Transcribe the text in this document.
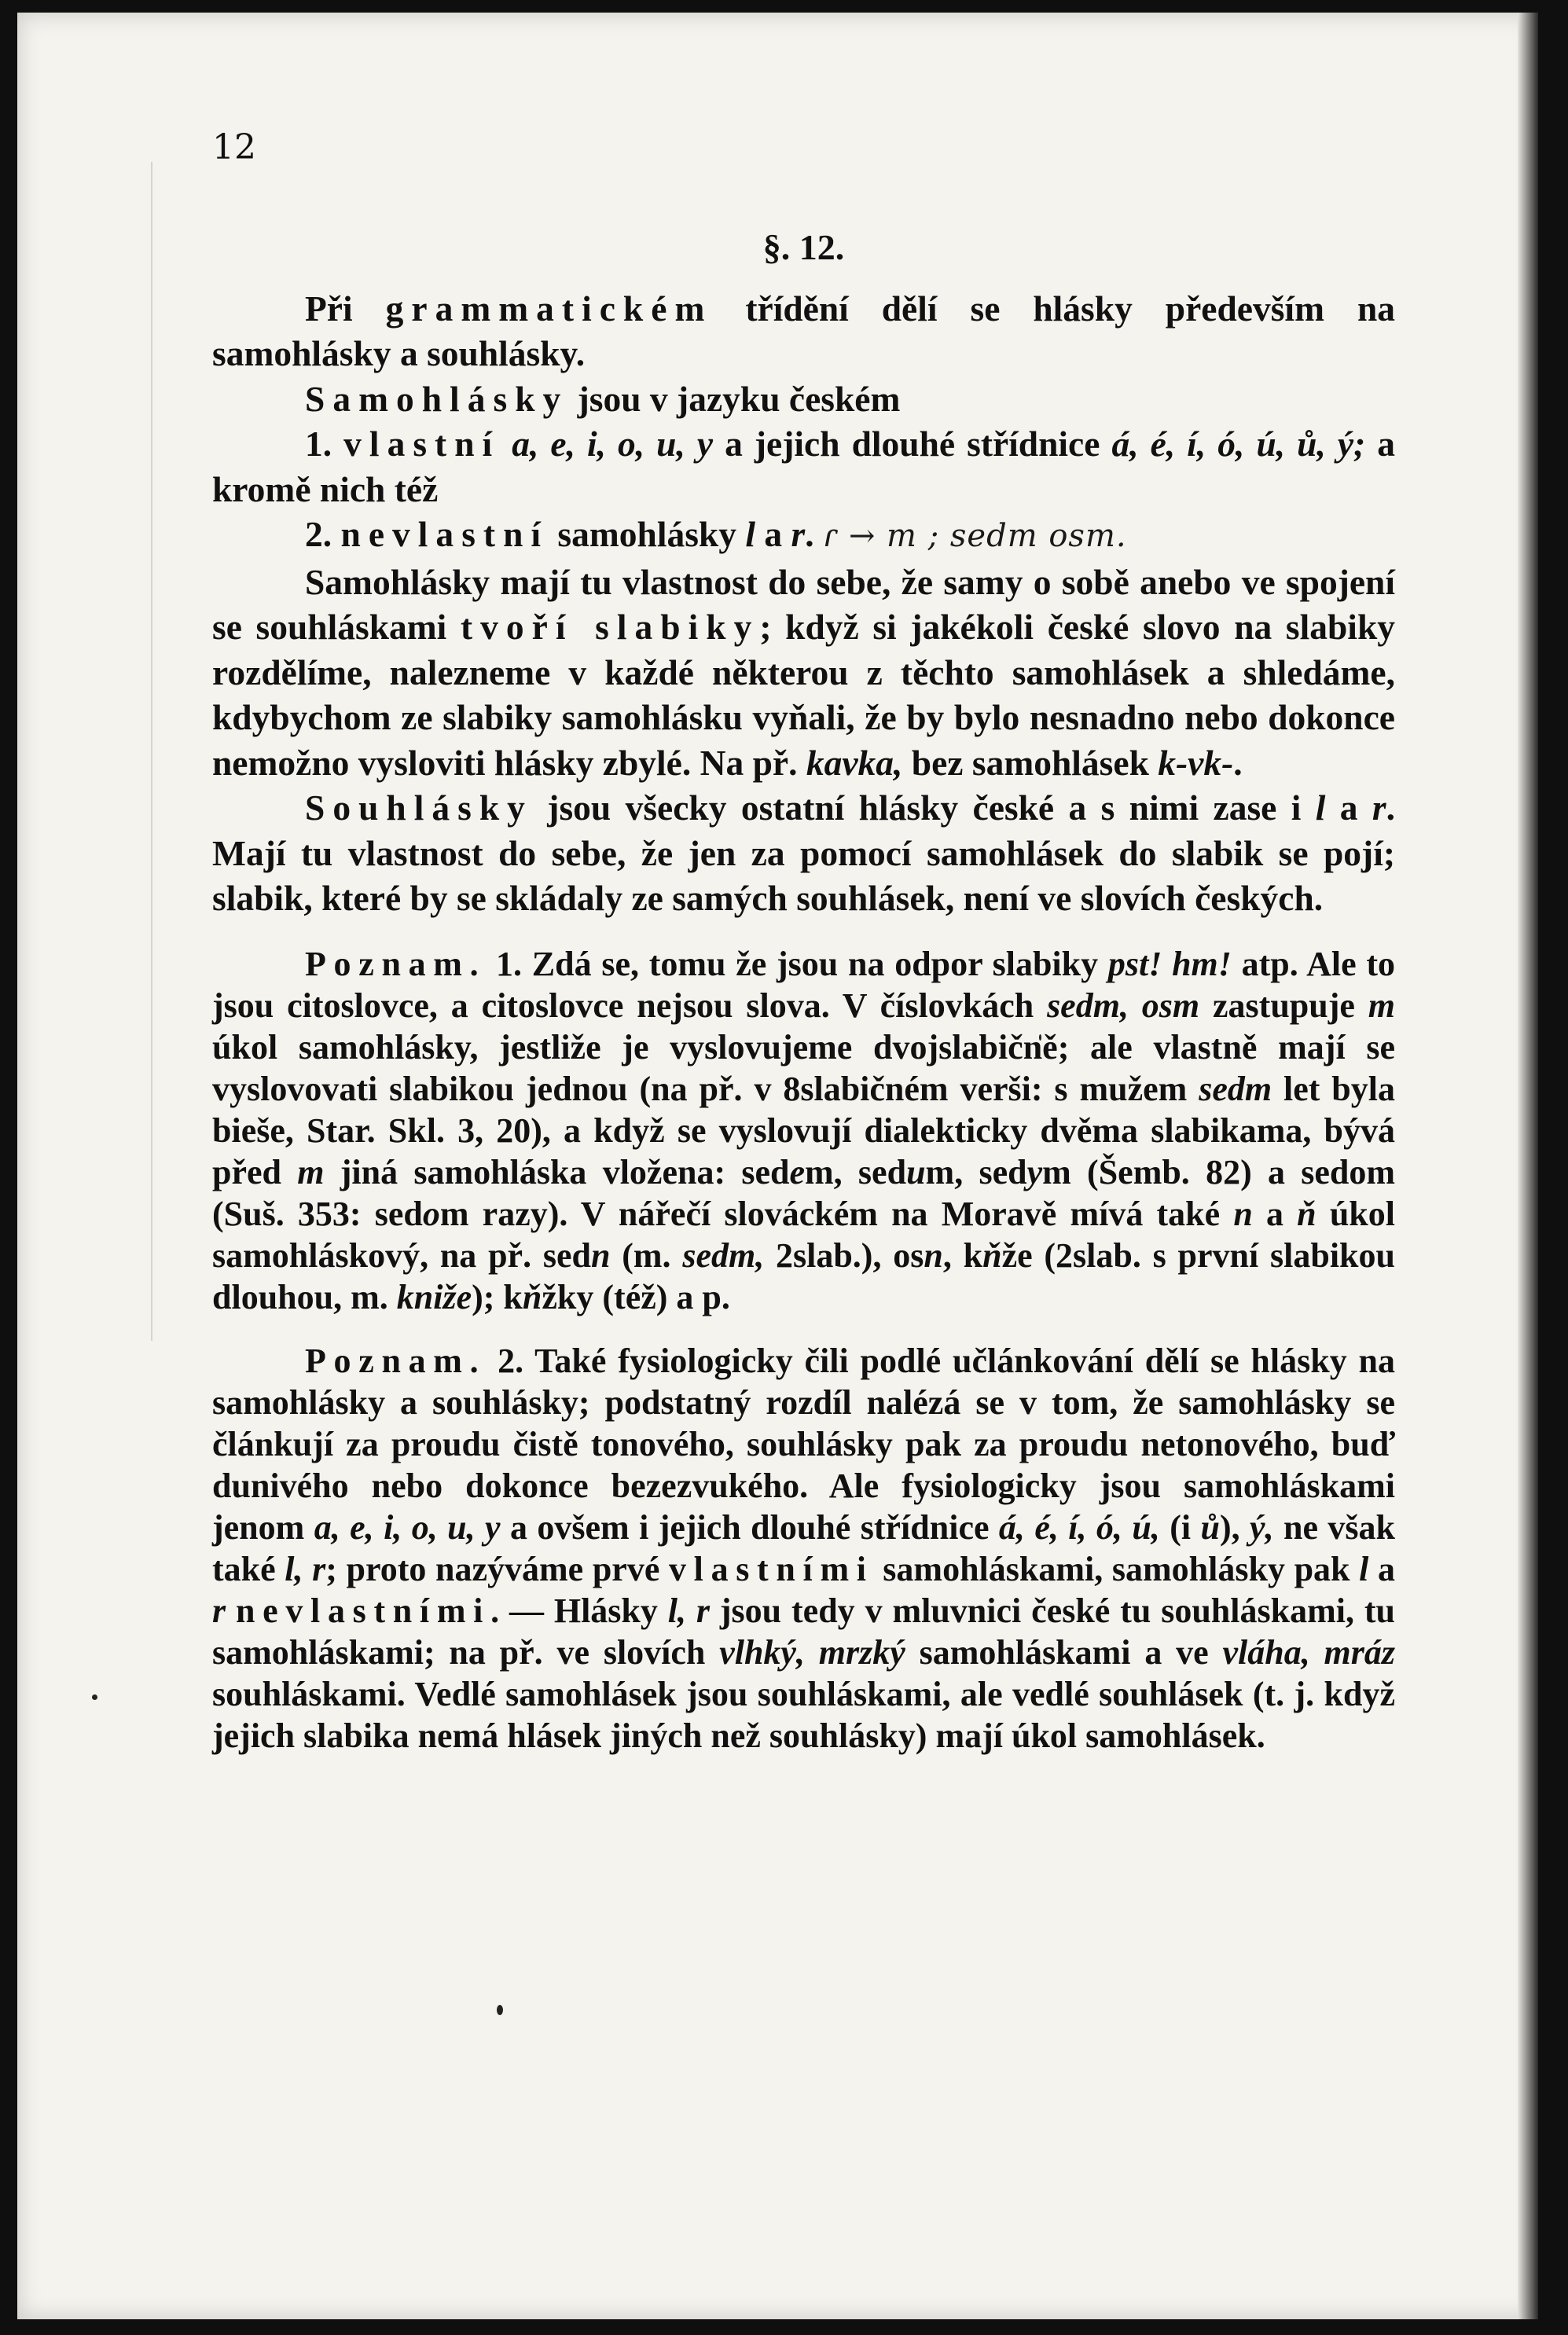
12
§. 12.

Při grammatickém třídění dělí se hlásky především na samohlásky a souhlásky.

Samohlásky jsou v jazyku českém

1. vlastní a, e, i, o, u, y a jejich dlouhé střídnice á, é, í, ó, ú, ů, ý; a kromě nich též

2. nevlastní samohlásky l a r. ɾ → m ; sedm osm.

Samohlásky mají tu vlastnost do sebe, že samy o sobě anebo ve spojení se souhláskami tvoří slabiky; když si jakékoli české slovo na slabiky rozdělíme, nalezneme v každé některou z těchto samohlásek a shledáme, kdybychom ze slabiky samohlásku vyňali, že by bylo nesnadno nebo dokonce nemožno vysloviti hlásky zbylé. Na př. kavka, bez samohlásek k-vk-.

Souhlásky jsou všecky ostatní hlásky české a s nimi zase i l a r. Mají tu vlastnost do sebe, že jen za pomocí samohlásek do slabik se pojí; slabik, které by se skládaly ze samých souhlásek, není ve slovích českých.

Poznam. 1. Zdá se, tomu že jsou na odpor slabiky pst! hm! atp. Ale to jsou citoslovce, a citoslovce nejsou slova. V číslovkách sedm, osm zastupuje m úkol samohlásky, jestliže je vyslovujeme dvojslabičně; ale vlastně mají se vyslovovati slabikou jednou (na př. v 8slabičném verši: s mužem sedm let byla bieše, Star. Skl. 3, 20), a když se vyslovují dialekticky dvěma slabikama, bývá před m jiná samohláska vložena: sedem, sedum, sedym (Šemb. 82) a sedom (Suš. 353: sedom razy). V nářečí slováckém na Moravě mívá také n a ň úkol samohláskový, na př. sedn (m. sedm, 2slab.), osn, kňže (2slab. s první slabikou dlouhou, m. kniže); kňžky (též) a p.

Poznam. 2. Také fysiologicky čili podlé učlánkování dělí se hlásky na samohlásky a souhlásky; podstatný rozdíl nalézá se v tom, že samohlásky se článkují za proudu čistě tonového, souhlásky pak za proudu netonového, buď dunivého nebo dokonce bezezvukého. Ale fysiologicky jsou samohláskami jenom a, e, i, o, u, y a ovšem i jejich dlouhé střídnice á, é, í, ó, ú, (i ů), ý, ne však také l, r; proto nazýváme prvé vlastními samohláskami, samohlásky pak l a r nevlastními. — Hlásky l, r jsou tedy v mluvnici české tu souhláskami, tu samohláskami; na př. ve slovích vlhký, mrzký samohláskami a ve vláha, mráz souhláskami. Vedlé samohlásek jsou souhláskami, ale vedlé souhlásek (t. j. když jejich slabika nemá hlásek jiných než souhlásky) mají úkol samohlásek.
